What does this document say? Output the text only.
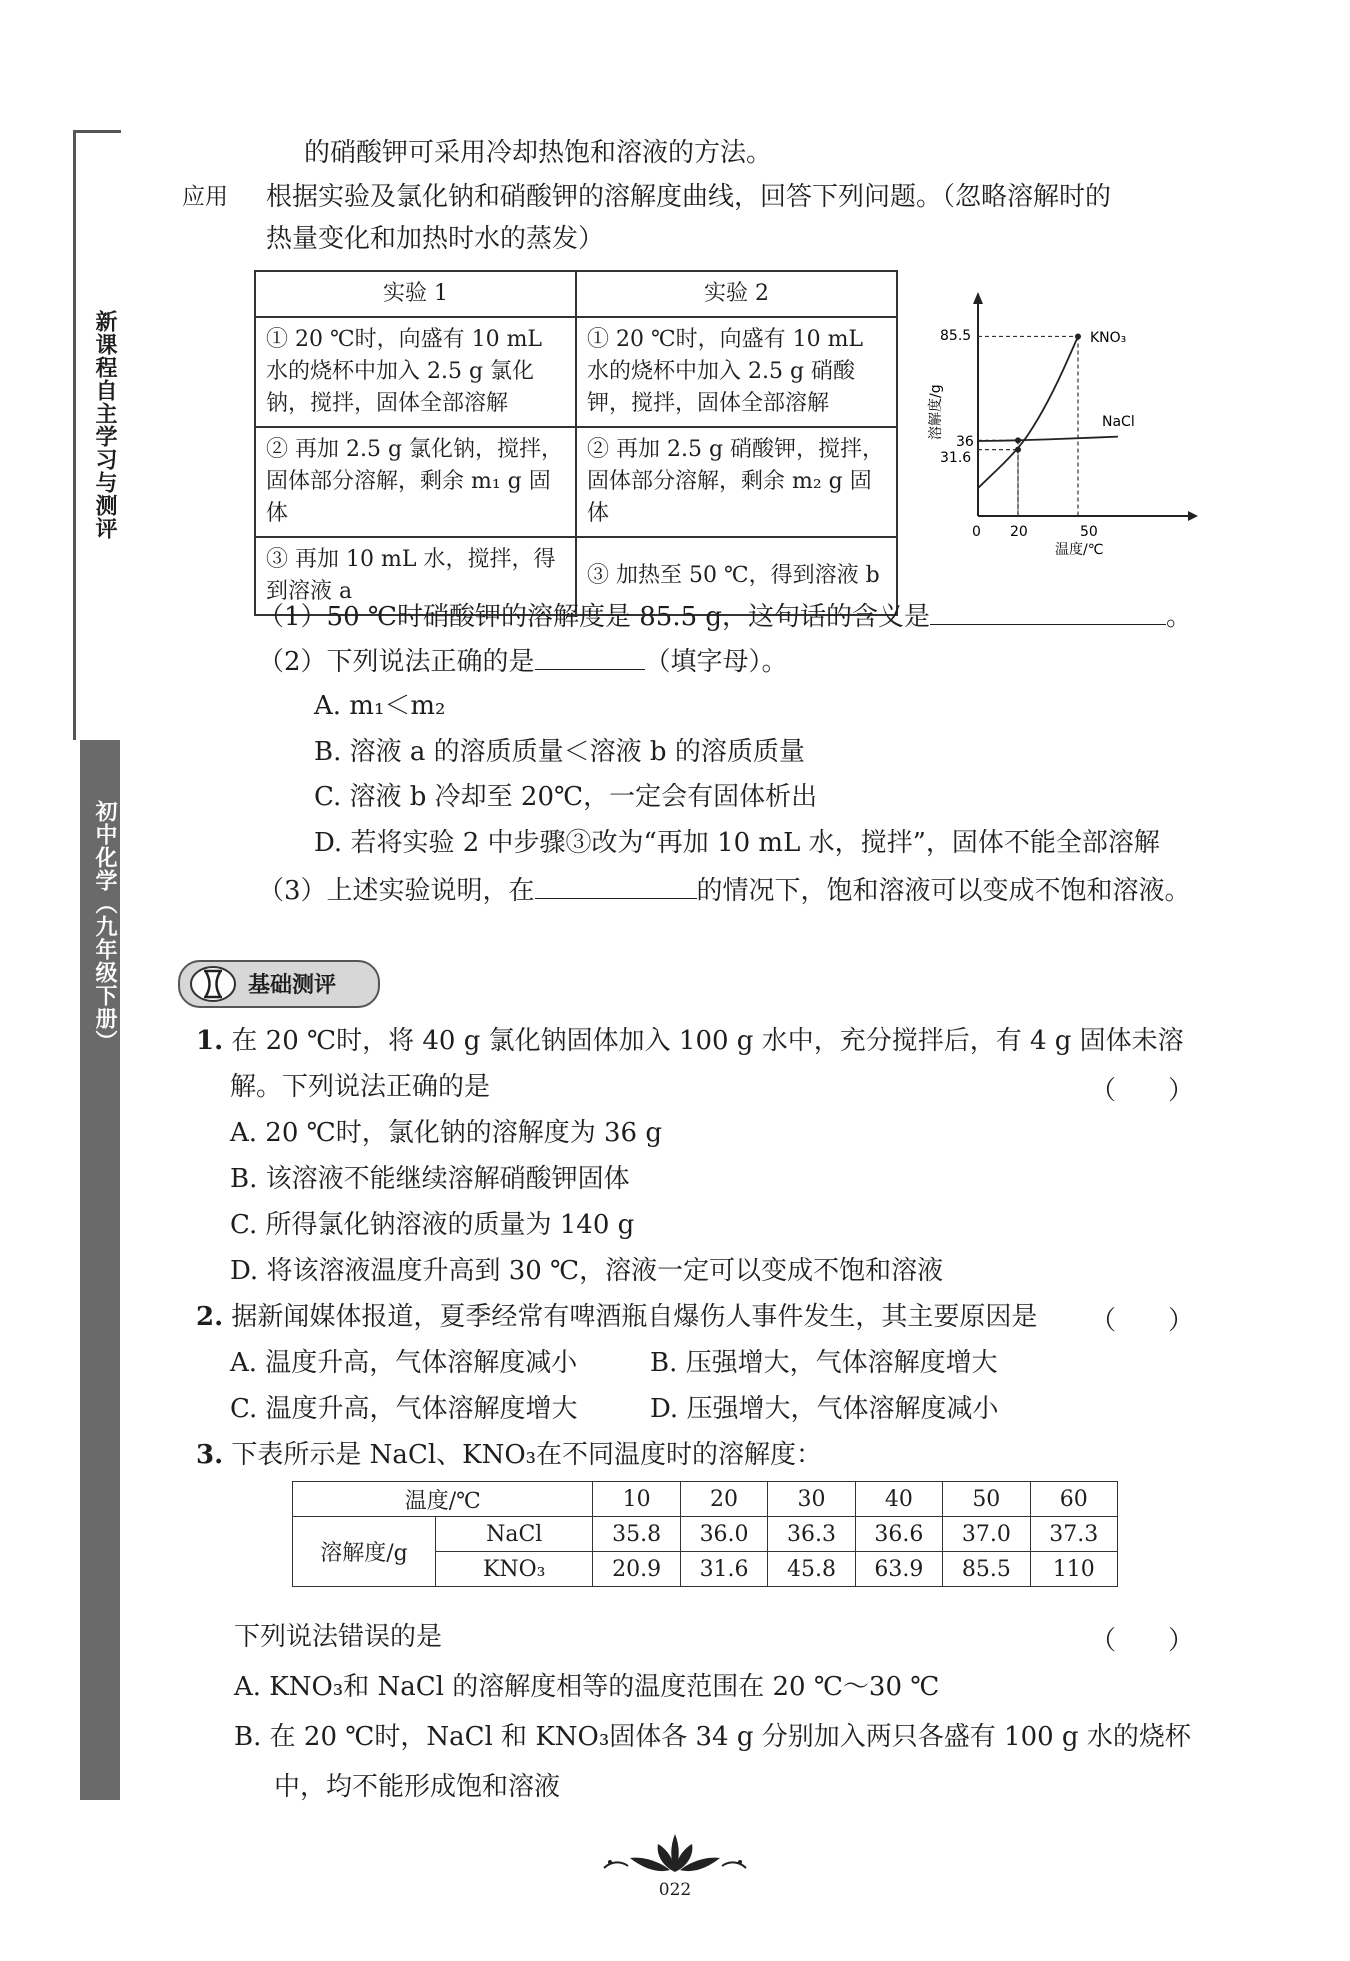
新课程自主学习与测评
初中化学（九年级下册）
的硝酸钾可采用冷却热饱和溶液的方法。
应用 根据实验及氯化钠和硝酸钾的溶解度曲线，回答下列问题。（忽略溶解时的
热量变化和加热时水的蒸发）
实验 1	实验 2
① 20 ℃时，向盛有 10 mL 水的烧杯中加入 2.5 g 氯化钠，搅拌，固体全部溶解	① 20 ℃时，向盛有 10 mL 水的烧杯中加入 2.5 g 硝酸钾，搅拌，固体全部溶解
② 再加 2.5 g 氯化钠，搅拌，固体部分溶解，剩余 m₁ g 固体	② 再加 2.5 g 硝酸钾，搅拌，固体部分溶解，剩余 m₂ g 固体
③ 再加 10 mL 水，搅拌，得到溶液 a	③ 加热至 50 ℃，得到溶液 b
溶解度/g
温度/℃
0 20	50
31.6
36
85.5	KNO₃
NaCl
（1）50 ℃时硝酸钾的溶解度是 85.5 g，这句话的含义是	。
（2）下列说法正确的是	（填字母）。
A. m₁＜m₂
B. 溶液 a 的溶质质量＜溶液 b 的溶质质量
C. 溶液 b 冷却至 20℃，一定会有固体析出
D. 若将实验 2 中步骤③改为“再加 10 mL 水，搅拌”，固体不能全部溶解
（3）上述实验说明，在	的情况下，饱和溶液可以变成不饱和溶液。
基础测评
1. 在 20 ℃时，将 40 g 氯化钠固体加入 100 g 水中，充分搅拌后，有 4 g 固体未溶
解。下列说法正确的是	（　　）
A. 20 ℃时，氯化钠的溶解度为 36 g
B. 该溶液不能继续溶解硝酸钾固体
C. 所得氯化钠溶液的质量为 140 g
D. 将该溶液温度升高到 30 ℃，溶液一定可以变成不饱和溶液
2. 据新闻媒体报道，夏季经常有啤酒瓶自爆伤人事件发生，其主要原因是 （　　）
A. 温度升高，气体溶解度减小	B. 压强增大，气体溶解度增大
C. 温度升高，气体溶解度增大	D. 压强增大，气体溶解度减小
3. 下表所示是 NaCl、KNO₃在不同温度时的溶解度：
温度/℃		10	20	30	40	50	60
溶解度/g	NaCl	35.8	36.0	36.3	36.6	37.0	37.3
	KNO₃	20.9	31.6	45.8	63.9	85.5	110
下列说法错误的是	（　　）
A. KNO₃和 NaCl 的溶解度相等的温度范围在 20 ℃～30 ℃
B. 在 20 ℃时，NaCl 和 KNO₃固体各 34 g 分别加入两只各盛有 100 g 水的烧杯
中，均不能形成饱和溶液
022
